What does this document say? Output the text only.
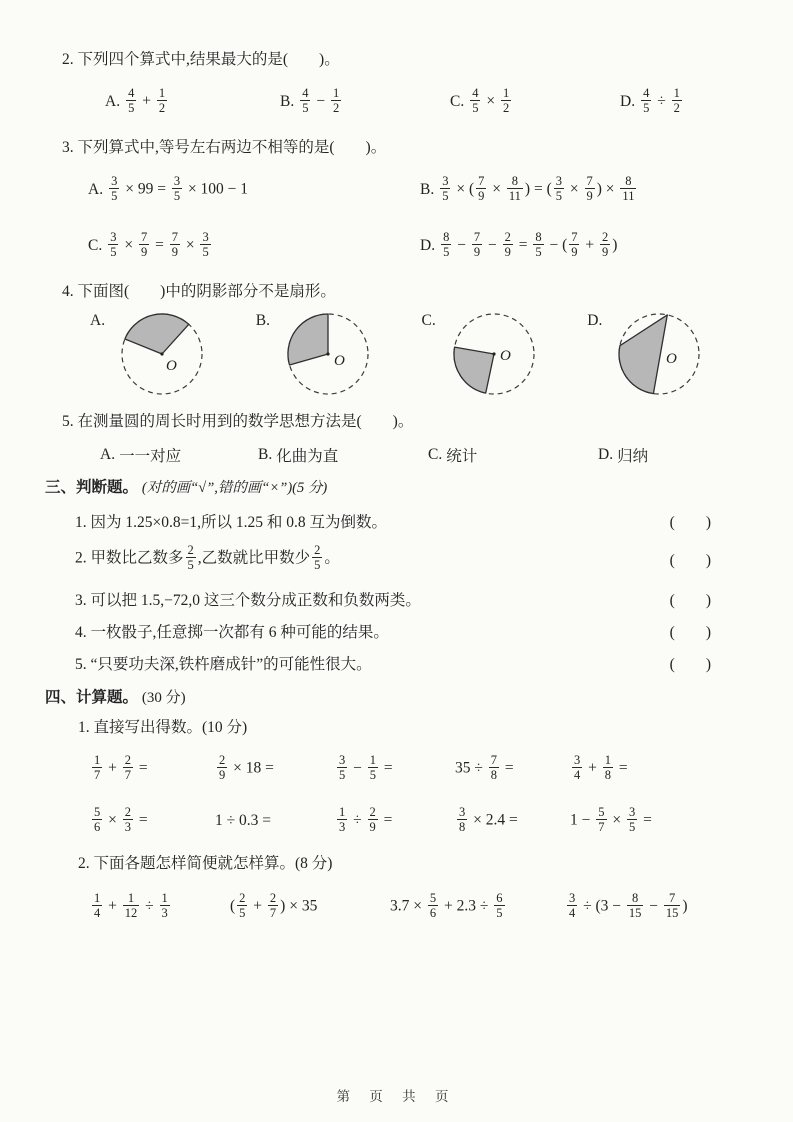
2. 下列四个算式中,结果最大的是(　　)。
A. $\frac{4}{5} + \frac{1}{2}$	B. $\frac{4}{5} - \frac{1}{2}$	C. $\frac{4}{5} \times \frac{1}{2}$	D. $\frac{4}{5} \div \frac{1}{2}$
3. 下列算式中,等号左右两边不相等的是(　　)。
A. $\frac{3}{5} \times 99 = \frac{3}{5} \times 100 - 1$	B. $\frac{3}{5}$ × ( $\frac{7}{9} \times \frac{8}{11}$ ) = ( $\frac{3}{5} \times \frac{7}{9}$ ) × $\frac{8}{11}$
C. $\frac{3}{5} \times \frac{7}{9} = \frac{7}{9} \times \frac{3}{5}$	D. $\frac{8}{5} - \frac{7}{9} - \frac{2}{9} = \frac{8}{5}$ − ( $\frac{7}{9} + \frac{2}{9}$ )
4. 下面图(　　)中的阴影部分不是扇形。
A.
O
B.
O
C.
O
D.
O
5. 在测量圆的周长时用到的数学思想方法是(　　)。
A. 一一对应	B. 化曲为直	C. 统计	D. 归纳
三、判断题。 (对的画“√”,错的画“×”)(5 分)
1. 因为 1.25×0.8=1,所以 1.25 和 0.8 互为倒数。	(　　)
2. 甲数比乙数多 $\frac{2}{5}$ ,乙数就比甲数少 $\frac{2}{5}$ 。	(　　)
3. 可以把 1.5,−72,0 这三个数分成正数和负数两类。	(　　)
4. 一枚骰子,任意掷一次都有 6 种可能的结果。	(　　)
5. “只要功夫深,铁杵磨成针”的可能性很大。	(　　)
四、计算题。 (30 分)
1. 直接写出得数。(10 分)
$\frac{1}{7} + \frac{2}{7}$ =	$\frac{2}{9} \times 18$ =	$\frac{3}{5} - \frac{1}{5}$ =	$35 \div \frac{7}{8}$ =	$\frac{3}{4} + \frac{1}{8}$ =
$\frac{5}{6} \times \frac{2}{3}$ =	1 ÷ 0.3 =	$\frac{1}{3} \div \frac{2}{9}$ =	$\frac{3}{8} \times 2.4$ =	$1 - \frac{5}{7} \times \frac{3}{5}$ =
2. 下面各题怎样简便就怎样算。(8 分)
$\frac{1}{4} + \frac{1}{12} \div \frac{1}{3}$	( $\frac{2}{5} + \frac{2}{7}$ ) × 35	$3.7 \times \frac{5}{6} + 2.3 \div \frac{6}{5}$	$\frac{3}{4} \div (3 - \frac{8}{15} - \frac{7}{15}$ )
第 页 共 页
